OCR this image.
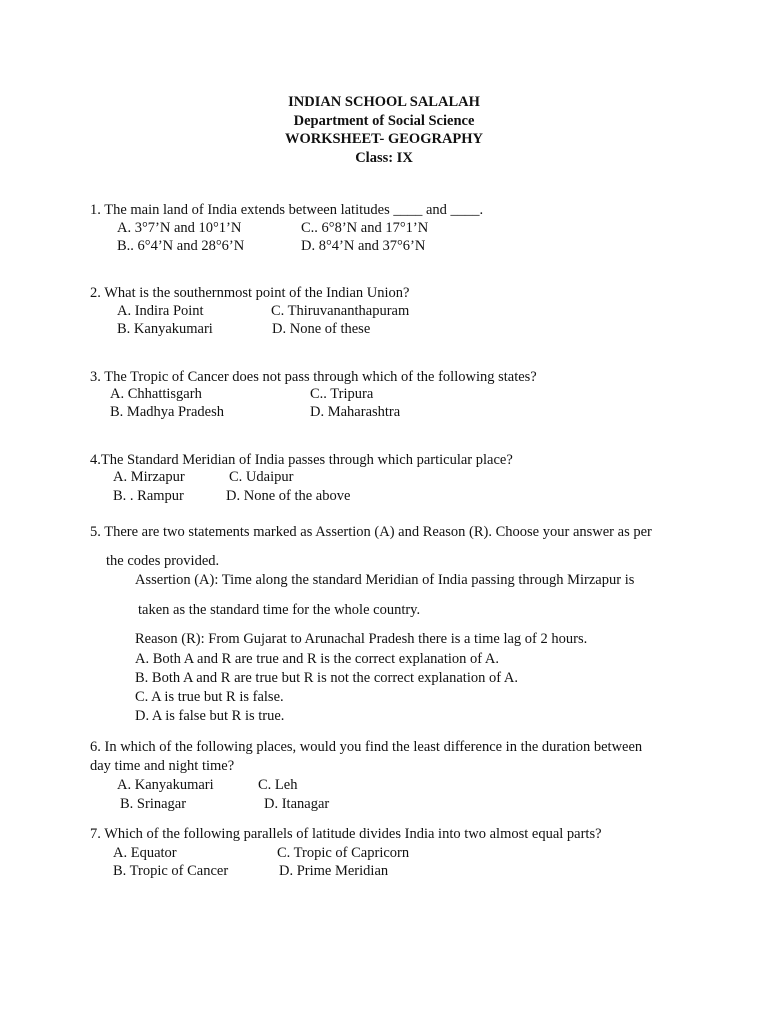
INDIAN SCHOOL SALALAH
Department of Social Science
WORKSHEET- GEOGRAPHY
Class: IX
1. The main land of India extends between latitudes ____ and ____.
A. 3°7’N and 10°1’N	C.. 6°8’N and 17°1’N
B.. 6°4’N and 28°6’N	D. 8°4’N and 37°6’N
2. What is the southernmost point of the Indian Union?
A. Indira Point	C. Thiruvananthapuram
B. Kanyakumari	D. None of these
3. The Tropic of Cancer does not pass through which of the following states?
A. Chhattisgarh	C.. Tripura
B. Madhya Pradesh	D. Maharashtra
4.The Standard Meridian of India passes through which particular place?
A. Mirzapur	C. Udaipur
B. . Rampur	D. None of the above
5. There are two statements marked as Assertion (A) and Reason (R). Choose your answer as per
the codes provided.
Assertion (A): Time along the standard Meridian of India passing through Mirzapur is
taken as the standard time for the whole country.
Reason (R): From Gujarat to Arunachal Pradesh there is a time lag of 2 hours.
A. Both A and R are true and R is the correct explanation of A.
B. Both A and R are true but R is not the correct explanation of A.
C. A is true but R is false.
D. A is false but R is true.
6. In which of the following places, would you find the least difference in the duration between
day time and night time?
A. Kanyakumari	C. Leh
B. Srinagar	D. Itanagar
7. Which of the following parallels of latitude divides India into two almost equal parts?
A. Equator	C. Tropic of Capricorn
B. Tropic of Cancer	D. Prime Meridian
